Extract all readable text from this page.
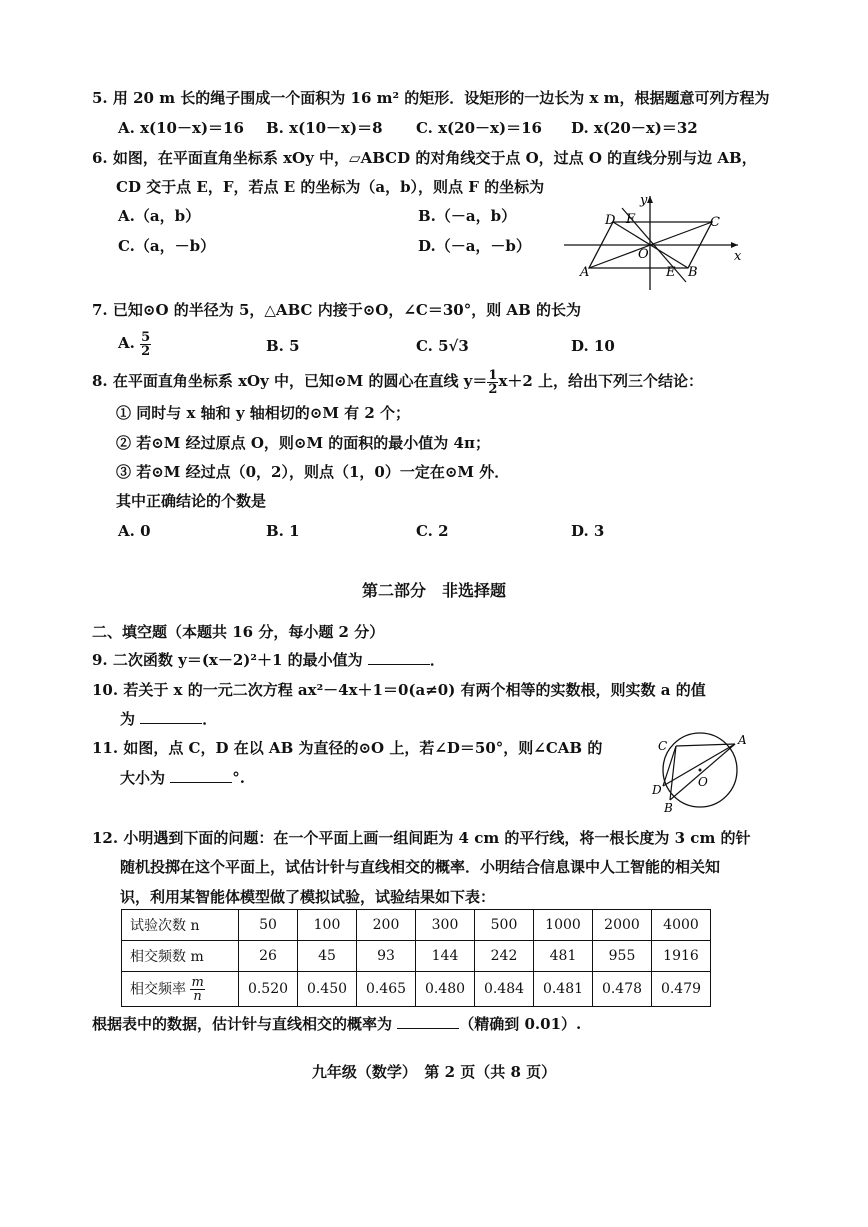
5. 用 20 m 长的绳子围成一个面积为 16 m² 的矩形．设矩形的一边长为 x m，根据题意可列方程为
A. x(10－x)＝16 B. x(10－x)＝8 C. x(20－x)＝16 D. x(20－x)＝32
6. 如图，在平面直角坐标系 xOy 中，▱ABCD 的对角线交于点 O，过点 O 的直线分别与边 AB，
CD 交于点 E，F，若点 E 的坐标为（a，b），则点 F 的坐标为
A.（a，b）	B.（－a，b）
C.（a，－b）	D.（－a，－b）
D F	C
y
O	x
A	E B
7. 已知⊙O 的半径为 5，△ABC 内接于⊙O，∠C＝30°，则 AB 的长为
A. $\frac{5}{2}$	B. 5	C. 5√3	D. 10
8. 在平面直角坐标系 xOy 中，已知⊙M 的圆心在直线 $y= \frac{1}{2} x+2$ 上，给出下列三个结论：
① 同时与 x 轴和 y 轴相切的⊙M 有 2 个；
② 若⊙M 经过原点 O，则⊙M 的面积的最小值为 4π；
③ 若⊙M 经过点（0，2），则点（1，0）一定在⊙M 外．
其中正确结论的个数是
A. 0	B. 1	C. 2	D. 3
第二部分　非选择题
二、填空题（本题共 16 分，每小题 2 分）
9. 二次函数 y＝(x－2)²＋1 的最小值为	．
10. 若关于 x 的一元二次方程 ax²－4x＋1＝0(a≠0) 有两个相等的实数根，则实数 a 的值
为	．
11. 如图，点 C，D 在以 AB 为直径的⊙O 上，若∠D＝50°，则∠CAB 的
大小为	°.
C	A
D
O
B
12. 小明遇到下面的问题：在一个平面上画一组间距为 4 cm 的平行线，将一根长度为 3 cm 的针
随机投掷在这个平面上，试估计针与直线相交的概率．小明结合信息课中人工智能的相关知
识，利用某智能体模型做了模拟试验，试验结果如下表：
试验次数 n	50	100	200	300	500	1000	2000	4000
相交频数 m	26	45	93	144	242	481	955	1916
相交频率 $\frac{m}{n}$	0.520	0.450	0.465	0.480	0.484	0.481	0.478	0.479
根据表中的数据，估计针与直线相交的概率为	（精确到 0.01）.
九年级（数学）　第 2 页（共 8 页）
